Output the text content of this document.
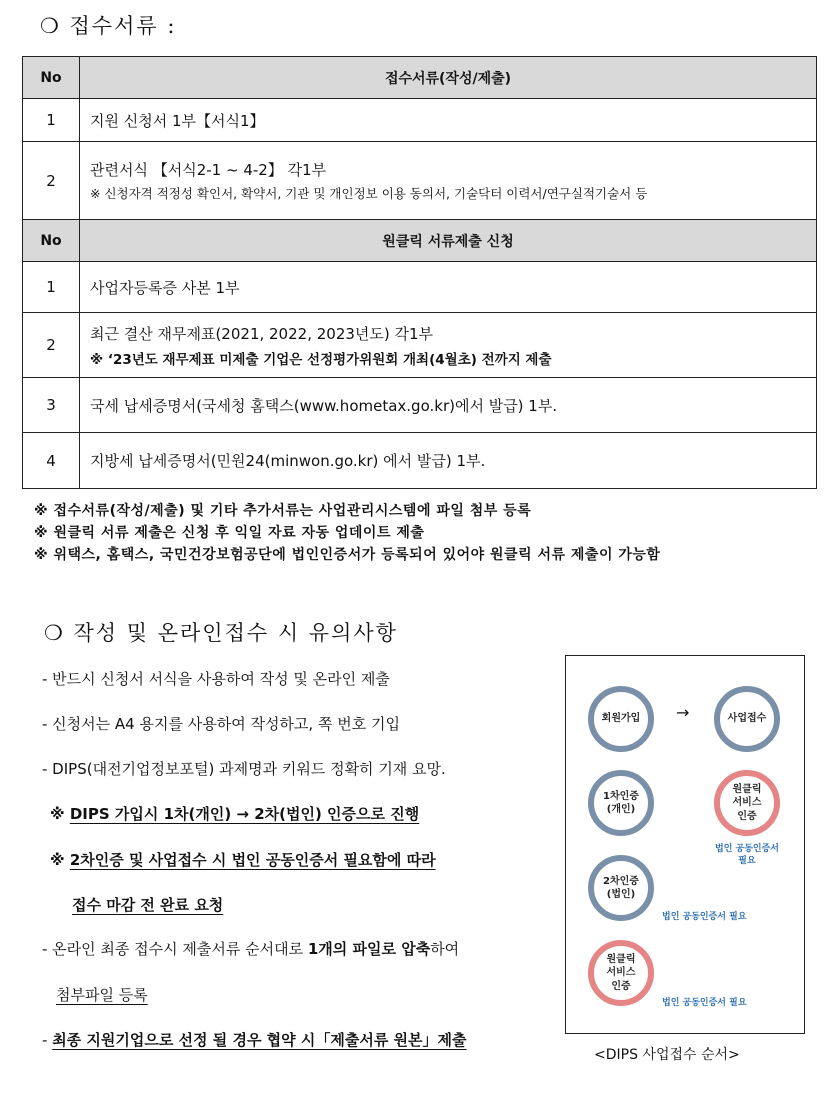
❍ 접수서류 :
No	접수서류(작성/제출)
1	지원 신청서 1부【서식1】
2	관련서식 【서식2-1 ~ 4-2】 각1부
※ 신청자격 적정성 확인서, 확약서, 기관 및 개인정보 이용 동의서, 기술닥터 이력서/연구실적기술서 등

No	원클릭 서류제출 신청
1	사업자등록증 사본 1부
2	최근 결산 재무제표(2021, 2022, 2023년도) 각1부
※ ‘23년도 재무제표 미제출 기업은 선정평가위원회 개최(4월초) 전까지 제출

3	국세 납세증명서(국세청 홈택스(www.hometax.go.kr)에서 발급) 1부.
4	지방세 납세증명서(민원24(minwon.go.kr) 에서 발급) 1부.
※ 접수서류(작성/제출) 및 기타 추가서류는 사업관리시스템에 파일 첨부 등록
※ 원클릭 서류 제출은 신청 후 익일 자료 자동 업데이트 제출
※ 위택스, 홈택스, 국민건강보험공단에 법인인증서가 등록되어 있어야 원클릭 서류 제출이 가능함
❍ 작성 및 온라인접수 시 유의사항
- 반드시 신청서 서식을 사용하여 작성 및 온라인 제출
- 신청서는 A4 용지를 사용하여 작성하고, 쪽 번호 기입
- DIPS(대전기업정보포털) 과제명과 키워드 정확히 기재 요망.
※ DIPS 가입시 1차(개인) → 2차(법인) 인증으로 진행
※ 2차인증 및 사업접수 시 법인 공동인증서 필요함에 따라
접수 마감 전 완료 요청
- 온라인 최종 접수시 제출서류 순서대로 1개의 파일로 압축하여
첨부파일 등록
- 최종 지원기업으로 선정 될 경우 협약 시「제출서류 원본」제출
회원가입	→	사업접수
1차인증
(개인)
원클릭
서비스
인증
법인 공동인증서
필요
2차인증
(법인)
법인 공동인증서 필요
원클릭
서비스
인증
법인 공동인증서 필요
<DIPS 사업접수 순서>
